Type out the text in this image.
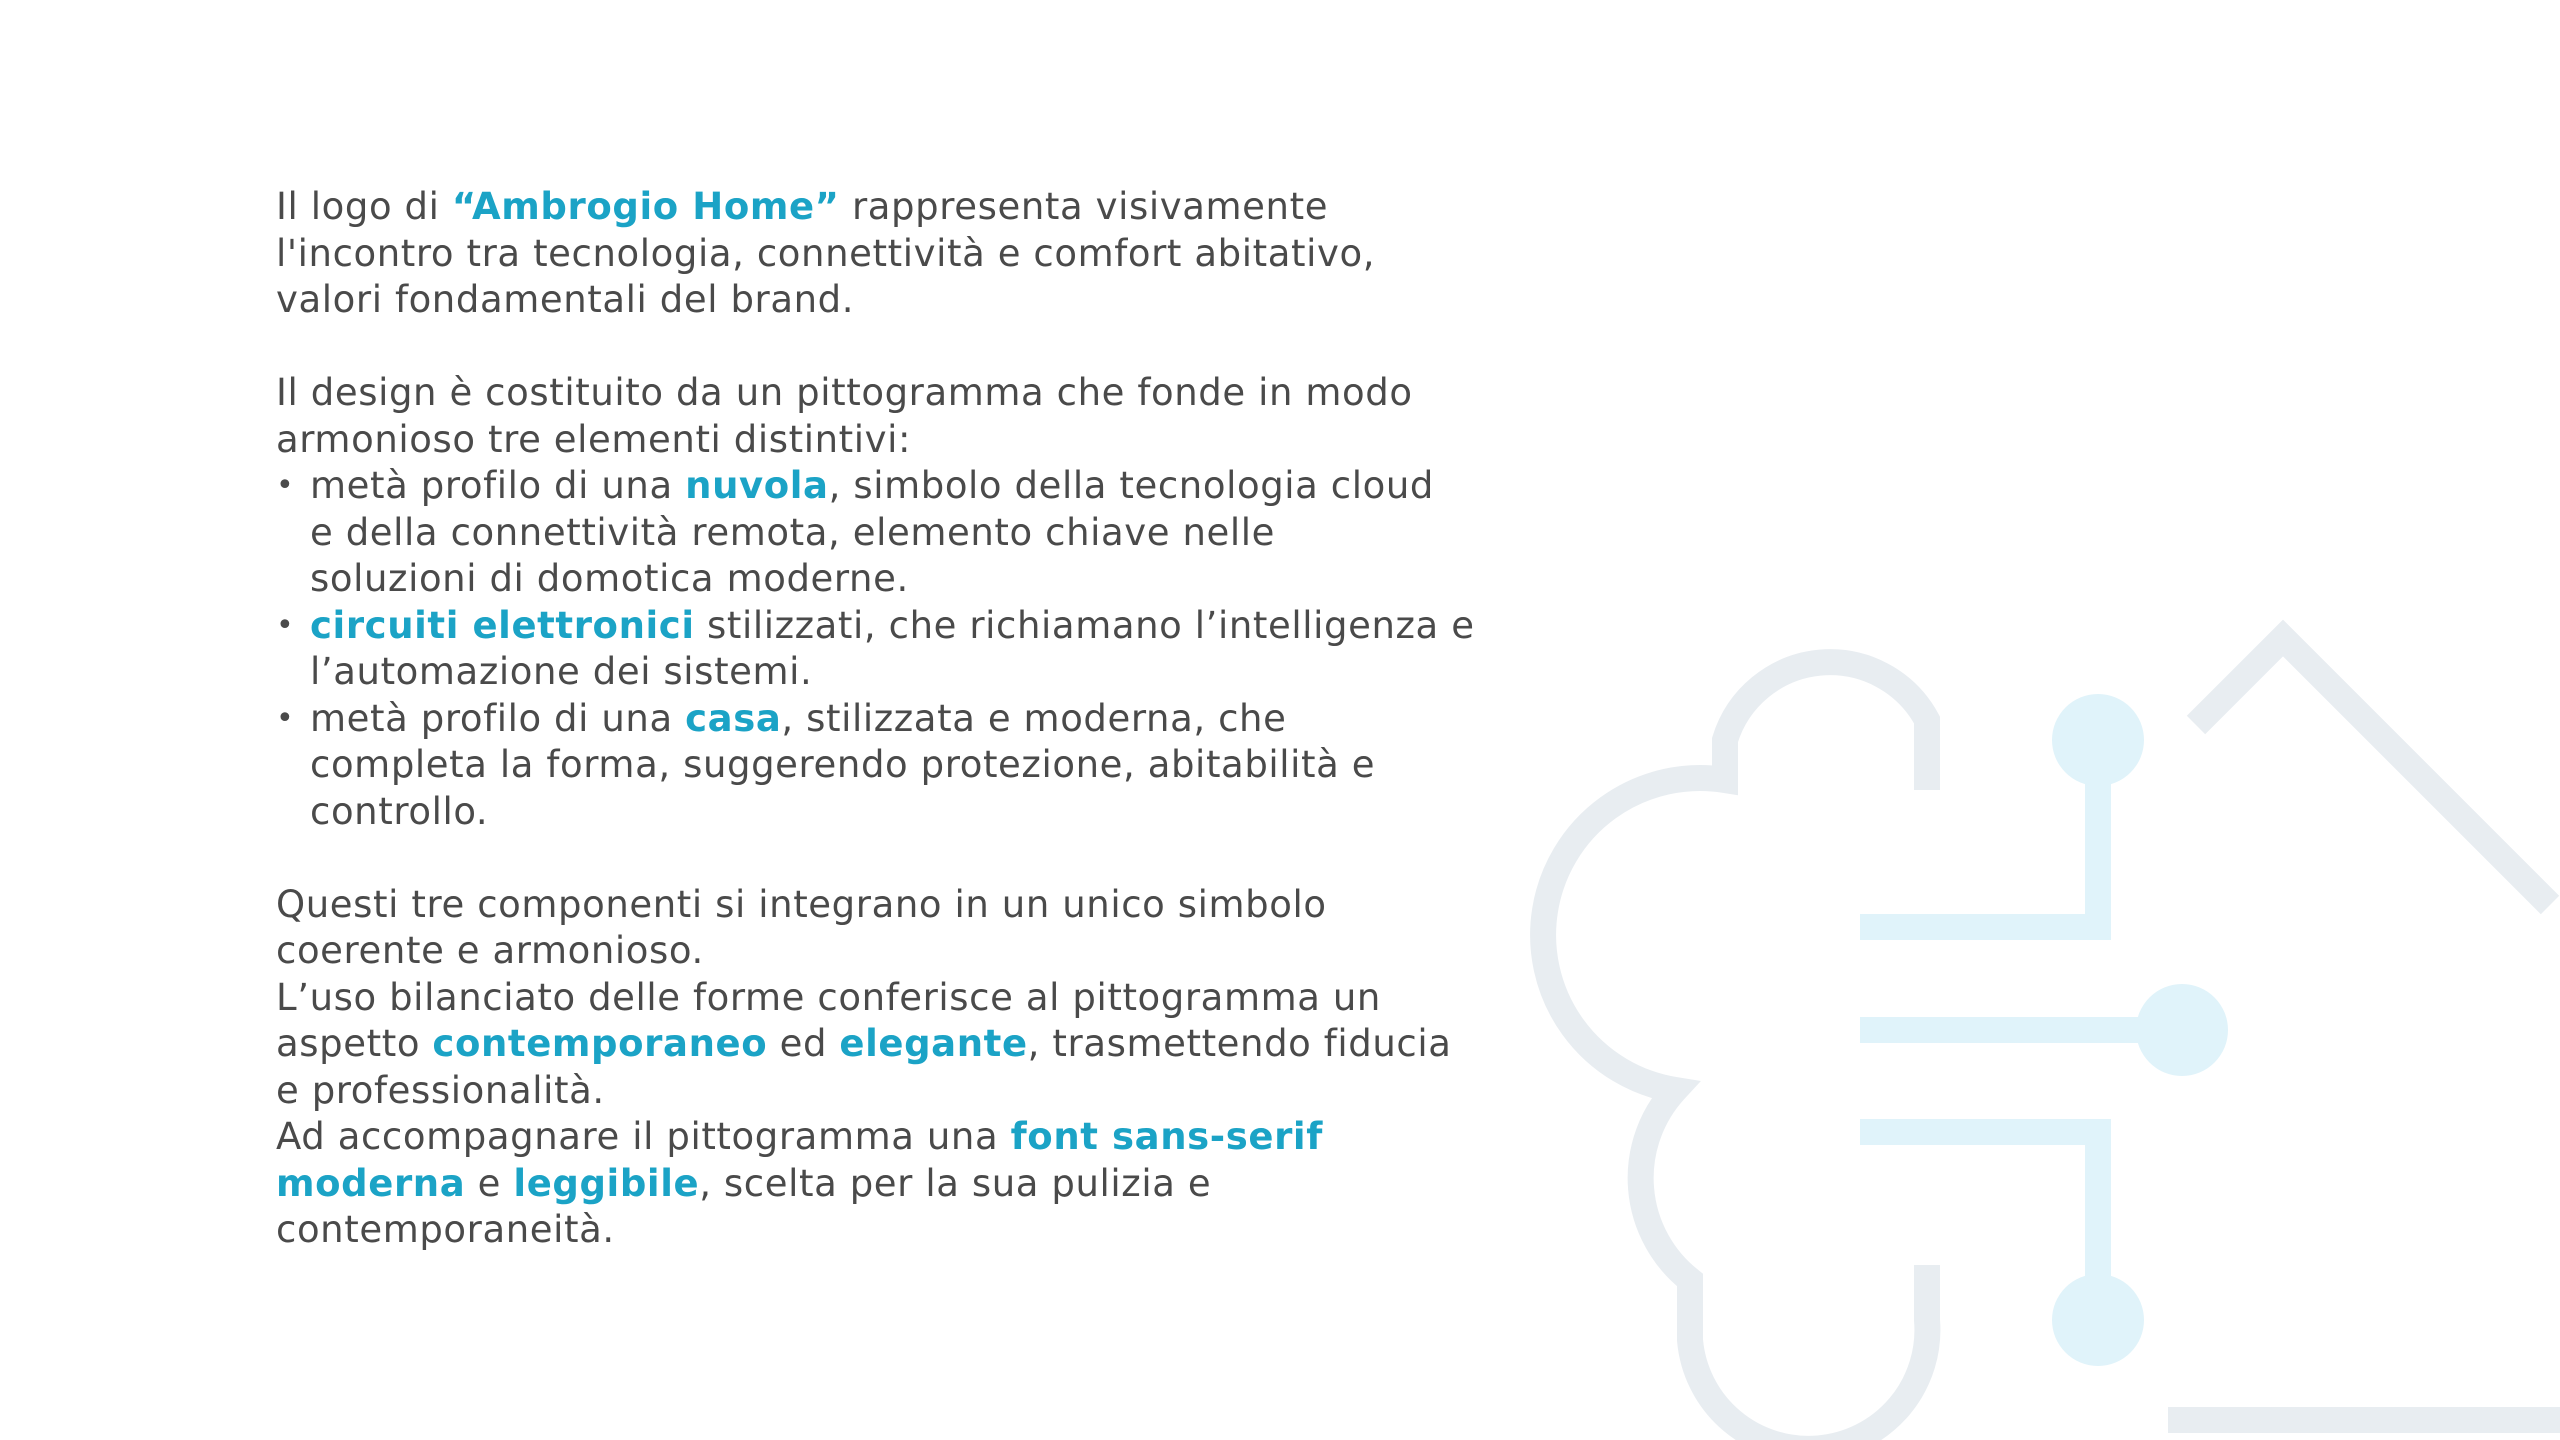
Il logo di “Ambrogio Home” rappresenta visivamente
l'incontro tra tecnologia, connettività e comfort abitativo,
valori fondamentali del brand.

Il design è costituito da un pittogramma che fonde in modo
armonioso tre elementi distintivi:

• metà profilo di una nuvola, simbolo della tecnologia cloud
e della connettività remota, elemento chiave nelle
soluzioni di domotica moderne.
• circuiti elettronici stilizzati, che richiamano l’intelligenza e
l’automazione dei sistemi.
• metà profilo di una casa, stilizzata e moderna, che
completa la forma, suggerendo protezione, abitabilità e
controllo.

Questi tre componenti si integrano in un unico simbolo
coerente e armonioso.
L’uso bilanciato delle forme conferisce al pittogramma un
aspetto contemporaneo ed elegante, trasmettendo fiducia
e professionalità.
Ad accompagnare il pittogramma una font sans-serif
moderna e leggibile, scelta per la sua pulizia e
contemporaneità.
